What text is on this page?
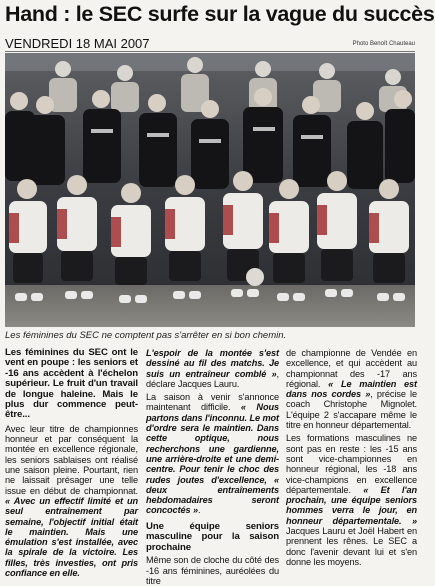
Hand : le SEC surfe sur la vague du succès
VENDREDI 18 MAI 2007	Photo Benoît Chauteau
Les féminines du SEC ne comptent pas s'arrêter en si bon chemin.

Les féminines du SEC ont le vent en poupe : les seniors et -16 ans accèdent à l'échelon supérieur. Le fruit d'un travail de longue haleine. Mais le plus dur commence peut-être...

Avec leur titre de championnes honneur et par conséquent la montée en excellence régionale, les seniors sablaises ont réalisé une saison pleine. Pourtant, rien ne laissait présager une telle issue en début de championnat. « Avec un effectif limité et un seul entraînement par semaine, l'objectif initial était le maintien. Mais une émulation s'est installée, avec la spirale de la victoire. Les filles, très investies, ont pris confiance en elle.

L'espoir de la montée s'est dessiné au fil des matchs. Je suis un entraîneur comblé », déclare Jacques Lauru.

La saison à venir s'annonce maintenant difficile. « Nous partons dans l'inconnu. Le mot d'ordre sera le maintien. Dans cette optique, nous recherchons une gardienne, une arrière-droite et une demi-centre. Pour tenir le choc des rudes joutes d'excellence, « deux entraînements hebdomadaires seront concoctés ».

Une équipe seniors masculine pour la saison prochaine

Même son de cloche du côté des -16 ans féminines, auréolées du titre

de championne de Vendée en excellence, et qui accèdent au championnat des -17 ans régional. « Le maintien est dans nos cordes », précise le coach Christophe Mignolet. L'équipe 2 s'accapare même le titre en honneur départemental.

Les formations masculines ne sont pas en reste : les -15 ans sont vice-championnes en honneur régional, les -18 ans vice-champions en excellence départementale. « Et l'an prochain, une équipe seniors hommes verra le jour, en honneur départementale. » Jacques Lauru et Joël Habert en prennent les rênes. Le SEC a donc l'avenir devant lui et s'en donne les moyens.
